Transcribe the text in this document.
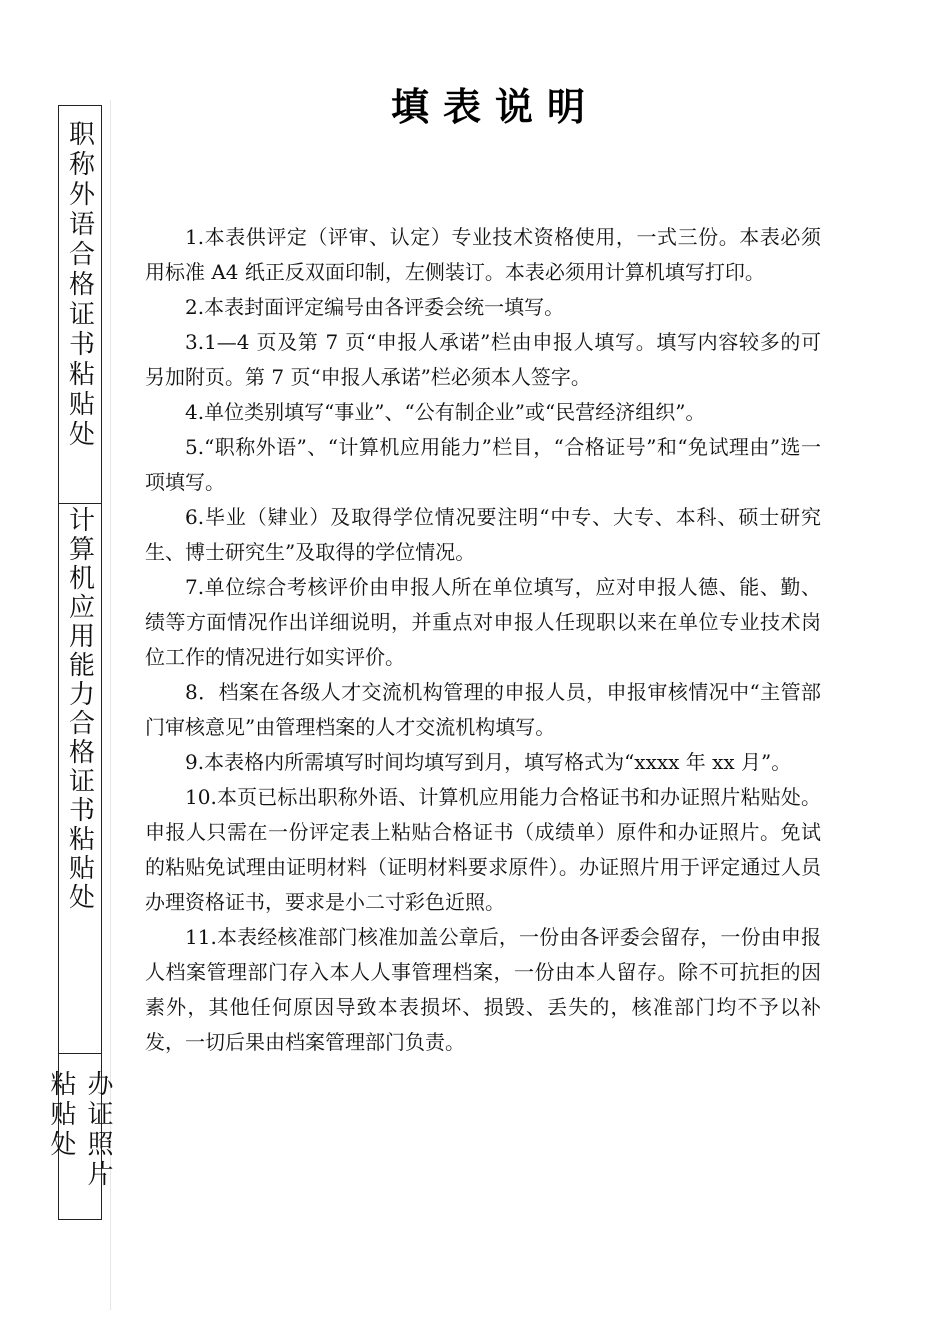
职称外语合格证书粘贴处
计算机应用能力合格证书粘贴处
办证照片粘贴处
填表说明

1.本表供评定（评审、认定）专业技术资格使用，一式三份。本表必须用标准 A4 纸正反双面印制，左侧装订。本表必须用计算机填写打印。

2.本表封面评定编号由各评委会统一填写。

3.1—4 页及第 7 页“申报人承诺”栏由申报人填写。填写内容较多的可另加附页。第 7 页“申报人承诺”栏必须本人签字。

4.单位类别填写“事业”、“公有制企业”或“民营经济组织”。

5.“职称外语”、“计算机应用能力”栏目，“合格证号”和“免试理由”选一项填写。

6.毕业（肄业）及取得学位情况要注明“中专、大专、本科、硕士研究生、博士研究生”及取得的学位情况。

7.单位综合考核评价由申报人所在单位填写，应对申报人德、能、勤、绩等方面情况作出详细说明，并重点对申报人任现职以来在单位专业技术岗位工作的情况进行如实评价。

8．档案在各级人才交流机构管理的申报人员，申报审核情况中“主管部门审核意见”由管理档案的人才交流机构填写。

9.本表格内所需填写时间均填写到月，填写格式为“xxxx 年 xx 月”。

10.本页已标出职称外语、计算机应用能力合格证书和办证照片粘贴处。申报人只需在一份评定表上粘贴合格证书（成绩单）原件和办证照片。免试的粘贴免试理由证明材料（证明材料要求原件）。办证照片用于评定通过人员办理资格证书，要求是小二寸彩色近照。

11.本表经核准部门核准加盖公章后，一份由各评委会留存，一份由申报人档案管理部门存入本人人事管理档案，一份由本人留存。除不可抗拒的因素外，其他任何原因导致本表损坏、损毁、丢失的，核准部门均不予以补发，一切后果由档案管理部门负责。
